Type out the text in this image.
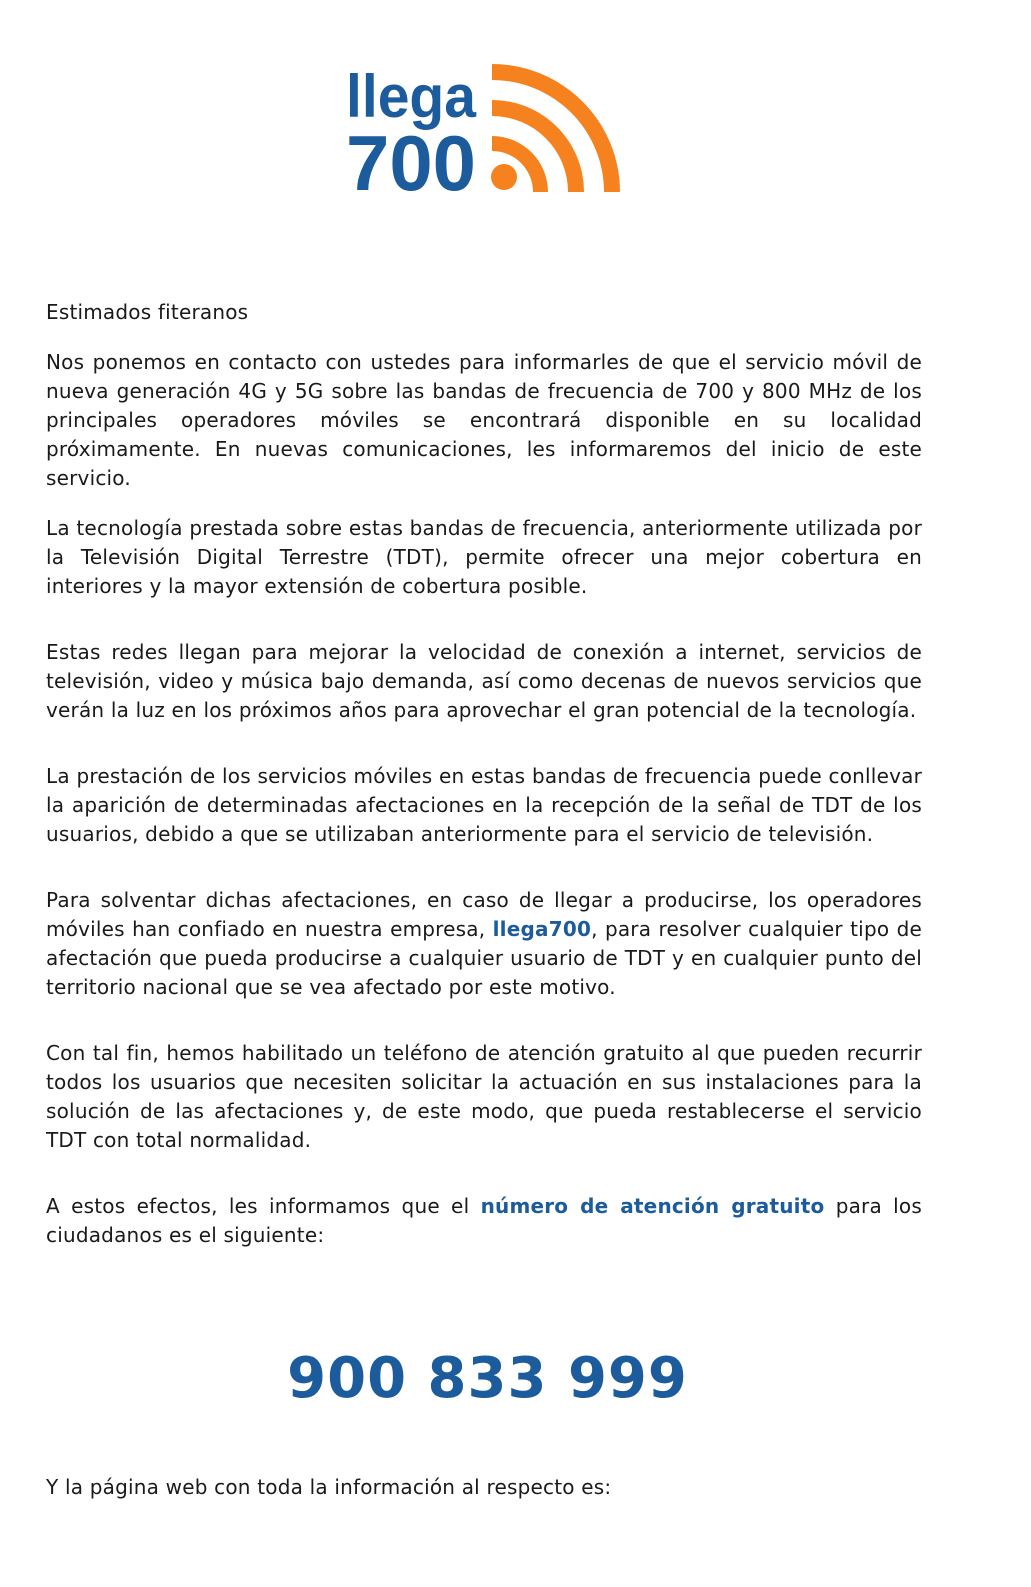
llega
700

Estimados fiteranos

Nos ponemos en contacto con ustedes para informarles de que el servicio móvil de nueva generación 4G y 5G sobre las bandas de frecuencia de 700 y 800 MHz de los principales operadores móviles se encontrará disponible en su localidad próximamente. En nuevas comunicaciones, les informaremos del inicio de este servicio.

La tecnología prestada sobre estas bandas de frecuencia, anteriormente utilizada por la Televisión Digital Terrestre (TDT), permite ofrecer una mejor cobertura en interiores y la mayor extensión de cobertura posible.

Estas redes llegan para mejorar la velocidad de conexión a internet, servicios de televisión, video y música bajo demanda, así como decenas de nuevos servicios que verán la luz en los próximos años para aprovechar el gran potencial de la tecnología.

La prestación de los servicios móviles en estas bandas de frecuencia puede conllevar la aparición de determinadas afectaciones en la recepción de la señal de TDT de los usuarios, debido a que se utilizaban anteriormente para el servicio de televisión.

Para solventar dichas afectaciones, en caso de llegar a producirse, los operadores móviles han confiado en nuestra empresa, llega700, para resolver cualquier tipo de afectación que pueda producirse a cualquier usuario de TDT y en cualquier punto del territorio nacional que se vea afectado por este motivo.

Con tal fin, hemos habilitado un teléfono de atención gratuito al que pueden recurrir todos los usuarios que necesiten solicitar la actuación en sus instalaciones para la solución de las afectaciones y, de este modo, que pueda restablecerse el servicio TDT con total normalidad.

A estos efectos, les informamos que el número de atención gratuito para los ciudadanos es el siguiente:

900 833 999
Y la página web con toda la información al respecto es:
